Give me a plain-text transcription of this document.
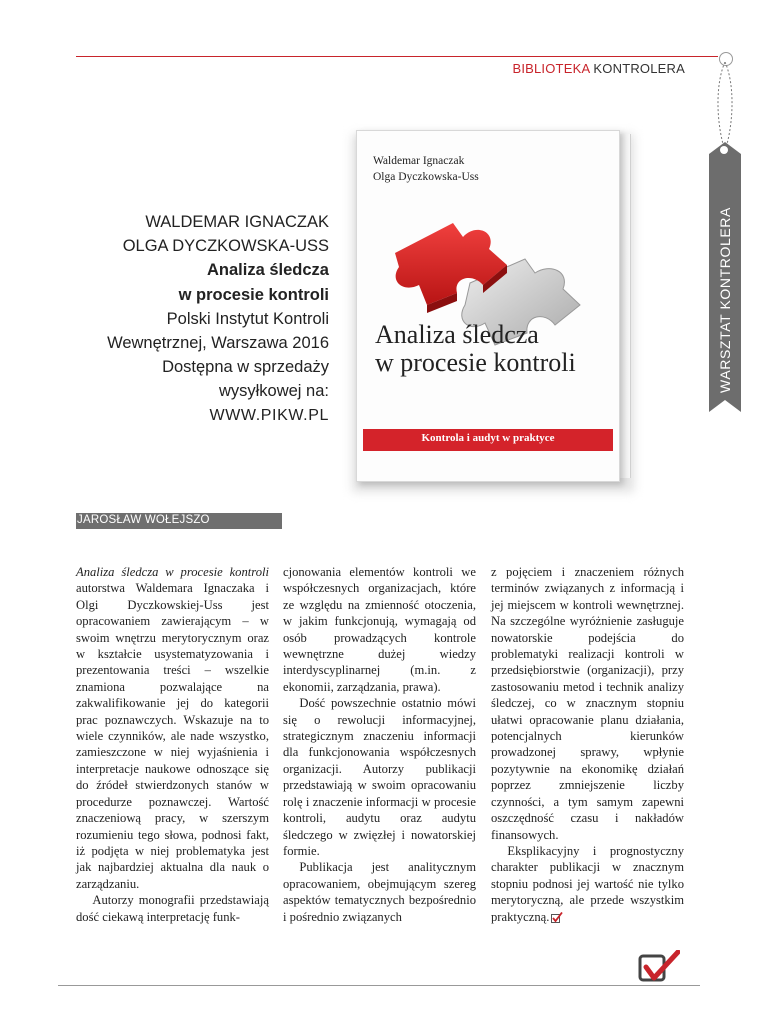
BIBLIOTEKA KONTROLERA
WARSZTAT KONTROLERA
WALDEMAR IGNACZAK
OLGA DYCZKOWSKA-USS
Analiza śledcza
w procesie kontroli
Polski Instytut Kontroli
Wewnętrznej, Warszawa 2016
Dostępna w sprzedaży
wysyłkowej na:
WWW.PIKW.PL
Waldemar Ignaczak
Olga Dyczkowska-Uss
Analiza śledcza
w procesie kontroli
Kontrola i audyt w praktyce
JAROSŁAW WOŁEJSZO

Analiza śledcza w procesie kontroli autorstwa Waldemara Ignaczaka i Olgi Dyczkowskiej-Uss jest opracowaniem zawierającym – w swoim wnętrzu merytorycznym oraz w kształcie usystematyzowania i prezentowania treści – wszelkie znamiona pozwalające na zakwalifikowanie jej do kategorii prac poznawczych. Wskazuje na to wiele czynników, ale nade wszystko, zamieszczone w niej wyjaśnienia i interpretacje naukowe odnoszące się do źródeł stwierdzonych stanów w procedurze poznawczej. Wartość znaczeniową pracy, w szerszym rozumieniu tego słowa, podnosi fakt, iż podjęta w niej problematyka jest jak najbardziej aktualna dla nauk o zarządzaniu.

Autorzy monografii przedstawiają dość ciekawą interpretację funk-

cjonowania elementów kontroli we współczesnych organizacjach, które ze względu na zmienność otoczenia, w jakim funkcjonują, wymagają od osób prowadzących kontrole wewnętrzne dużej wiedzy interdyscyplinarnej (m.in. z ekonomii, zarządzania, prawa).

Dość powszechnie ostatnio mówi się o rewolucji informacyjnej, strategicznym znaczeniu informacji dla funkcjonowania współczesnych organizacji. Autorzy publikacji przedstawiają w swoim opracowaniu rolę i znaczenie informacji w procesie kontroli, audytu oraz audytu śledczego w zwięzłej i nowatorskiej formie.

Publikacja jest analitycznym opracowaniem, obejmującym szereg aspektów tematycznych bezpośrednio i pośrednio związanych

z pojęciem i znaczeniem różnych terminów związanych z informacją i jej miejscem w kontroli wewnętrznej. Na szczególne wyróżnienie zasługuje nowatorskie podejścia do problematyki realizacji kontroli w przedsiębiorstwie (organizacji), przy zastosowaniu metod i technik analizy śledczej, co w znacznym stopniu ułatwi opracowanie planu działania, potencjalnych kierunków prowadzonej sprawy, wpłynie pozytywnie na ekonomikę działań poprzez zmniejszenie liczby czynności, a tym samym zapewni oszczędność czasu i nakładów finansowych.

Eksplikacyjny i prognostyczny charakter publikacji w znacznym stopniu podnosi jej wartość nie tylko merytoryczną, ale przede wszystkim praktyczną.
